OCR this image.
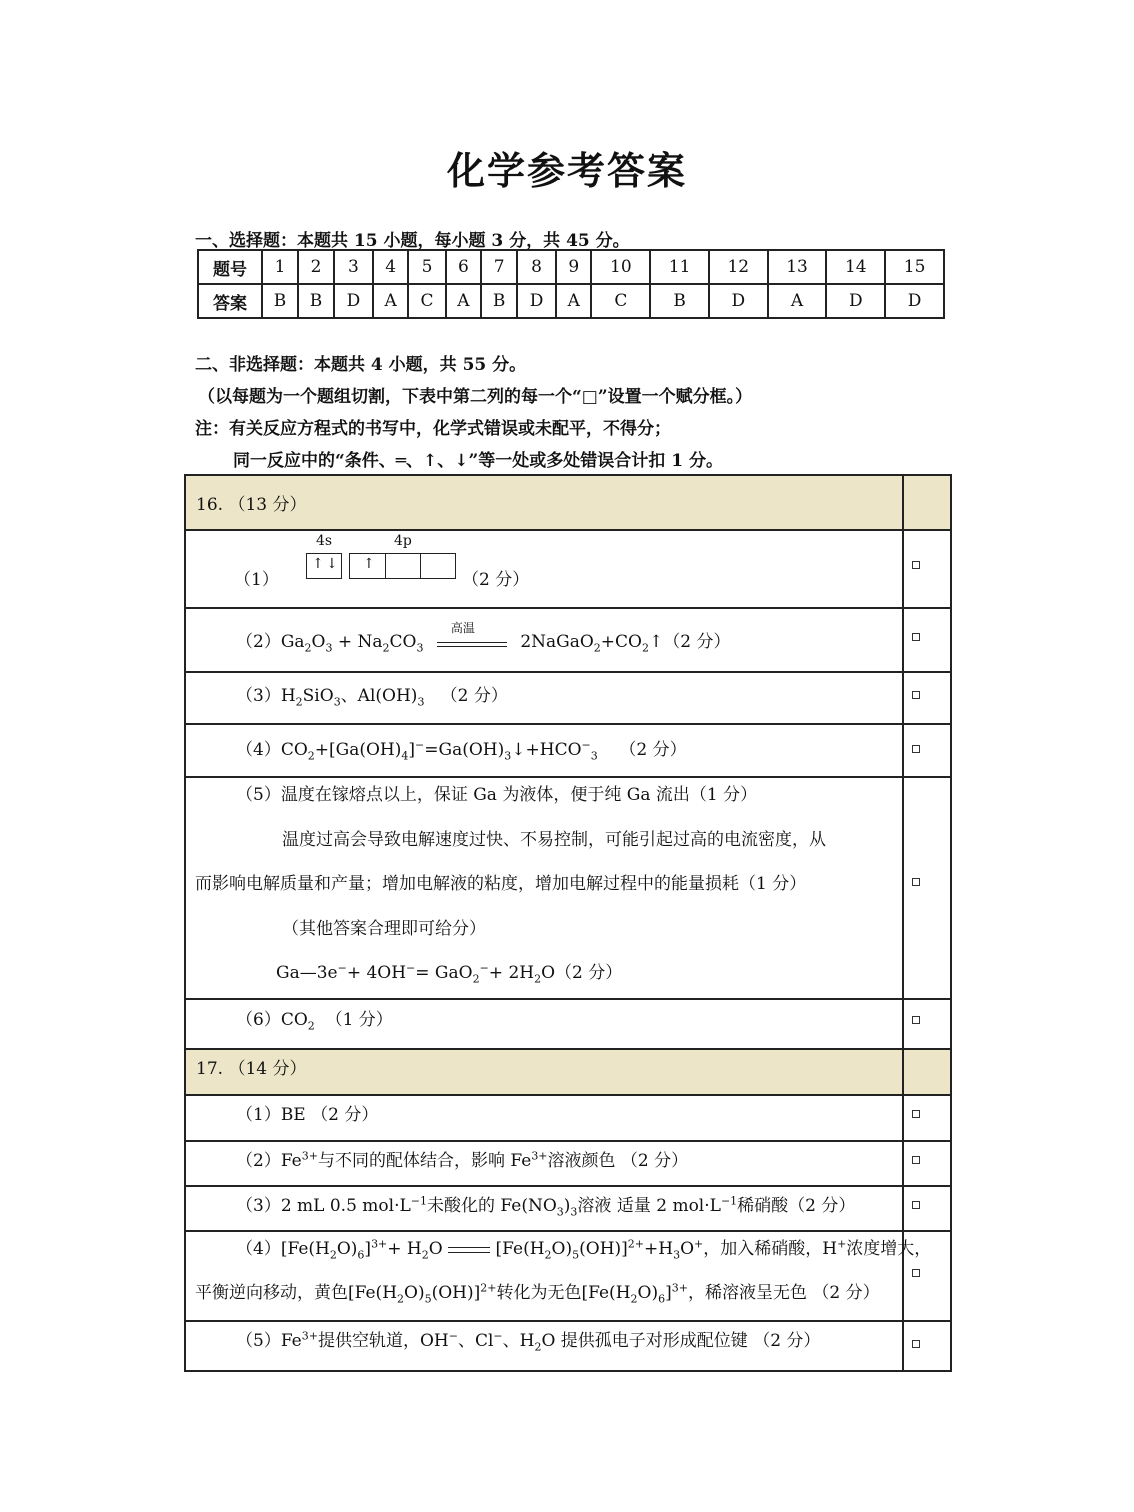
化学参考答案
一、选择题：本题共 15 小题，每小题 3 分，共 45 分。
题号	1	2	3	4	5	6	7	8	9	10	11	12	13	14	15
答案	B	B	D	A	C	A	B	D	A	C	B	D	A	D	D
二、非选择题：本题共 4 小题，共 55 分。
（以每题为一个题组切割，下表中第二列的每一个“□”设置一个赋分框。）
注：有关反应方程式的书写中，化学式错误或未配平，不得分；
同一反应中的“条件、═、↑、↓”等一处或多处错误合计扣 1 分。
16. （13 分）
（1）
4s	4p
↑ ↓ ↑
（2 分）
$(2)Ga_2O_3 + Na_2CO_3$
高温
$2NaGaO_2+CO_2↑(2$ 分）
$(3)H_2SiO_3$、$Al(OH)_3$ （2 分）
$(4)CO_2+[Ga(OH)_4]^-=Ga(OH)_3↓+HCO^-_3$ （2 分）
（5）温度在镓熔点以上，保证 Ga 为液体，便于纯 Ga 流出（1 分）
温度过高会导致电解速度过快、不易控制，可能引起过高的电流密度，从
而影响电解质量和产量；增加电解液的粘度，增加电解过程中的能量损耗（1 分）
（其他答案合理即可给分）
Ga—3e−+ $4OH^-= GaO_2^-+ 2H_2O(2$ 分）
$(6)CO_2$ （1 分）
17. （14 分）
（1）BE （2 分）
$(2)Fe^{3+}$与不同的配体结合，影响 $Fe^{3+}$溶液颜色 （2 分）
（3）2 mL 0.5 $mol\cdot L^{-1}$未酸化的 $Fe(NO_3)_3$溶液 适量 2 $mol\cdot L^{-1}$稀硝酸（2 分）
$(4)[Fe(H_2O)_6]^{3+}+ H_2O$	$[Fe(H_2O)_5(OH)]^{2+}+H_3O^+$，加入稀硝酸，H+浓度增大，
平衡逆向移动，黄色$[Fe(H_2O)_5(OH)]^{2+}$转化为无色$[Fe(H_2O)_6]^{3+}$，稀溶液呈无色 （2 分）
$(5)Fe^{3+}$提供空轨道，OH−、Cl−、$H_2O$ 提供孤电子对形成配位键 （2 分）
